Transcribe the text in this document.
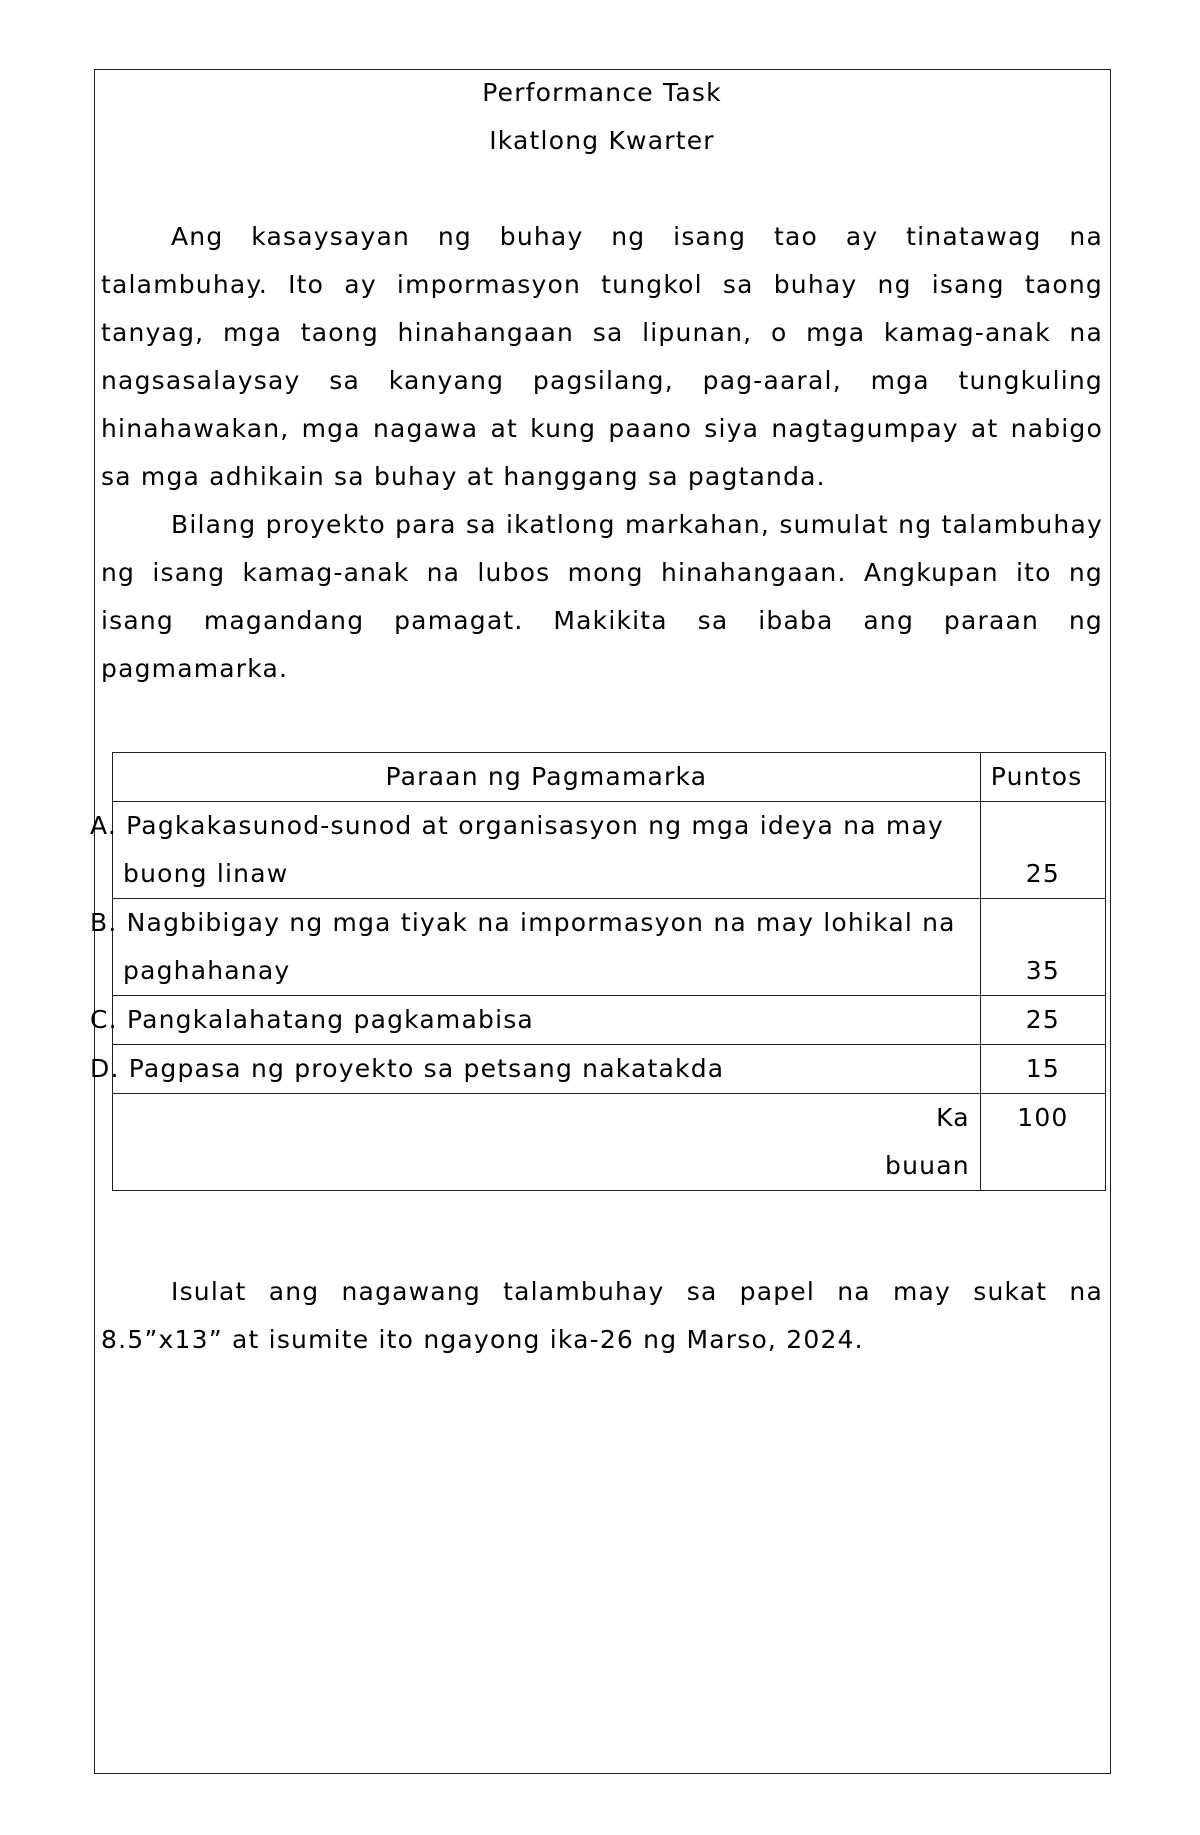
Performance Task
Ikatlong Kwarter

Ang kasaysayan ng buhay ng isang tao ay tinatawag na talambuhay. Ito ay impormasyon tungkol sa buhay ng isang taong tanyag, mga taong hinahangaan sa lipunan, o mga kamag-anak na nagsasalaysay sa kanyang pagsilang, pag-aaral, mga tungkuling hinahawakan, mga nagawa at kung paano siya nagtagumpay at nabigo sa mga adhikain sa buhay at hanggang sa pagtanda.

Bilang proyekto para sa ikatlong markahan, sumulat ng talambuhay ng isang kamag-anak na lubos mong hinahangaan. Angkupan ito ng isang magandang pamagat. Makikita sa ibaba ang paraan ng pagmamarka.

Paraan ng Pagmamarka	Puntos
A. Pagkakasunod-sunod at organisasyon ng mga ideya na may buong linaw	25
B. Nagbibigay ng mga tiyak na impormasyon na may lohikal na paghahanay	35
C. Pangkalahatang pagkamabisa	25
D. Pagpasa ng proyekto sa petsang nakatakda	15

Ka
buuan	100

Isulat ang nagawang talambuhay sa papel na may sukat na 8.5”x13” at isumite ito ngayong ika-26 ng Marso, 2024.
